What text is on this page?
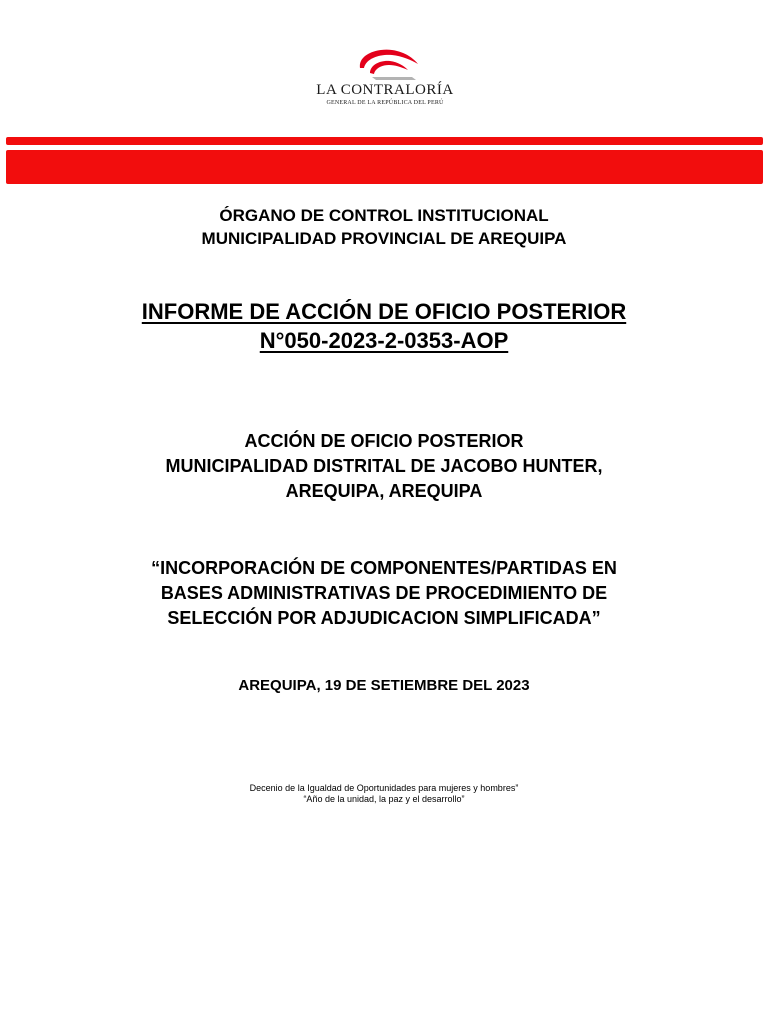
LA CONTRALORÍA
GENERAL DE LA REPÚBLICA DEL PERÚ
ÓRGANO DE CONTROL INSTITUCIONAL
MUNICIPALIDAD PROVINCIAL DE AREQUIPA
INFORME DE ACCIÓN DE OFICIO POSTERIOR
N°050-2023-2-0353-AOP
ACCIÓN DE OFICIO POSTERIOR
MUNICIPALIDAD DISTRITAL DE JACOBO HUNTER,
AREQUIPA, AREQUIPA
“INCORPORACIÓN DE COMPONENTES/PARTIDAS EN
BASES ADMINISTRATIVAS DE PROCEDIMIENTO DE
SELECCIÓN POR ADJUDICACION SIMPLIFICADA”
AREQUIPA, 19 DE SETIEMBRE DEL 2023
Decenio de la Igualdad de Oportunidades para mujeres y hombres”
“Año de la unidad, la paz y el desarrollo”
